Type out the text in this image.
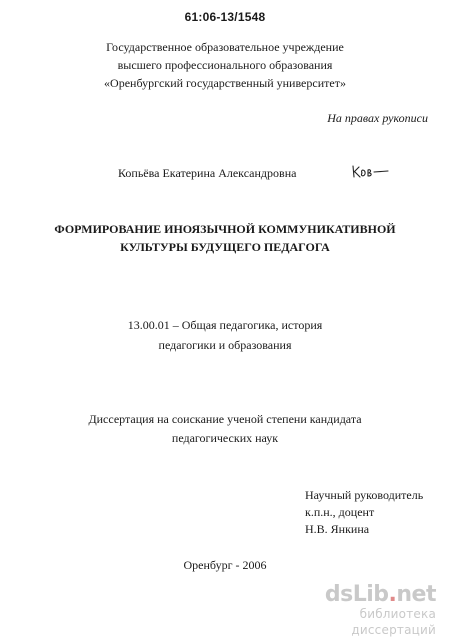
61:06-13/1548
Государственное образовательное учреждение
высшего профессионального образования
«Оренбургский государственный университет»
На правах рукописи
Копьёва Екатерина Александровна
ФОРМИРОВАНИЕ ИНОЯЗЫЧНОЙ КОММУНИКАТИВНОЙ
КУЛЬТУРЫ БУДУЩЕГО ПЕДАГОГА
13.00.01 – Общая педагогика, история
педагогики и образования
Диссертация на соискание ученой степени кандидата
педагогических наук
Научный руководитель
к.п.н., доцент
Н.В. Янкина
Оренбург - 2006
dsLib.net
библиотека диссертаций
